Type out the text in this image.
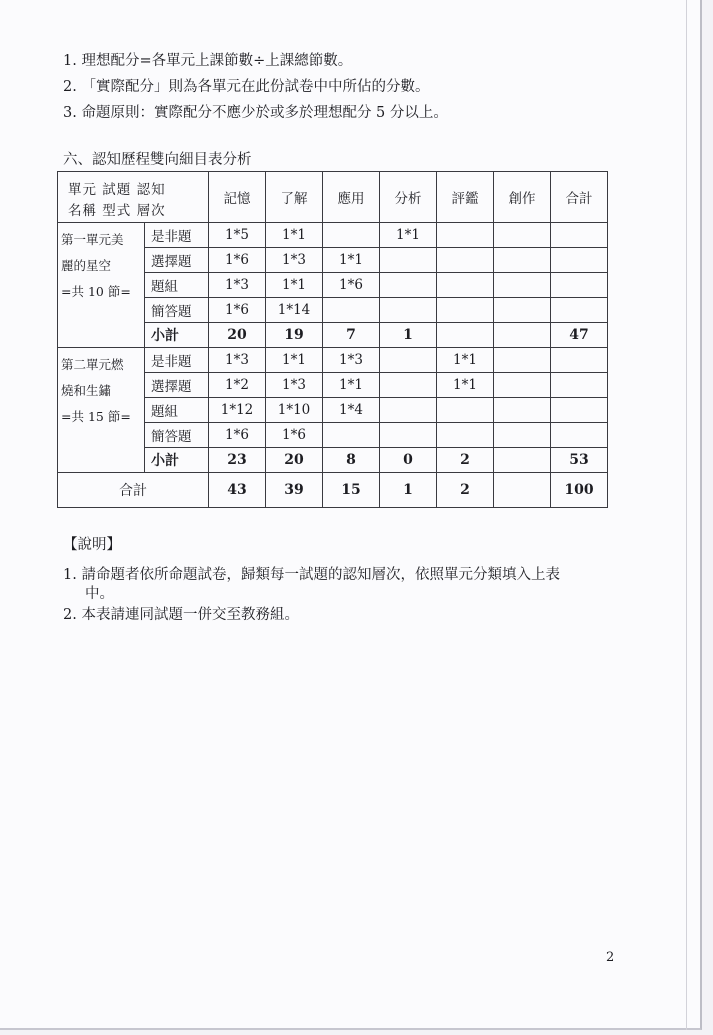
1. 理想配分=各單元上課節數÷上課總節數。

2. 「實際配分」則為各單元在此份試卷中中所佔的分數。

3. 命題原則：實際配分不應少於或多於理想配分 5 分以上。

六、認知歷程雙向細目表分析
單元 試題 認知
名稱 型式 層次		記憶	了解	應用	分析	評鑑	創作	合計

第一單元美
麗的星空
=共 10 節=	是非題	1*5	1*1		1*1			
	選擇題	1*6	1*3	1*1				
	題組	1*3	1*1	1*6				
	簡答題	1*6	1*14					
	小計	20	19	7	1			47

第二單元燃
燒和生鏽
=共 15 節=	是非題	1*3	1*1	1*3		1*1		
	選擇題	1*2	1*3	1*1		1*1		
	題組	1*12	1*10	1*4				
	簡答題	1*6	1*6					
	小計	23	20	8	0	2		53
合計		43	39	15	1	2		100
【說明】

1. 請命題者依所命題試卷，歸類每一試題的認知層次，依照單元分類填入上表

中。

2. 本表請連同試題一併交至教務組。

2
